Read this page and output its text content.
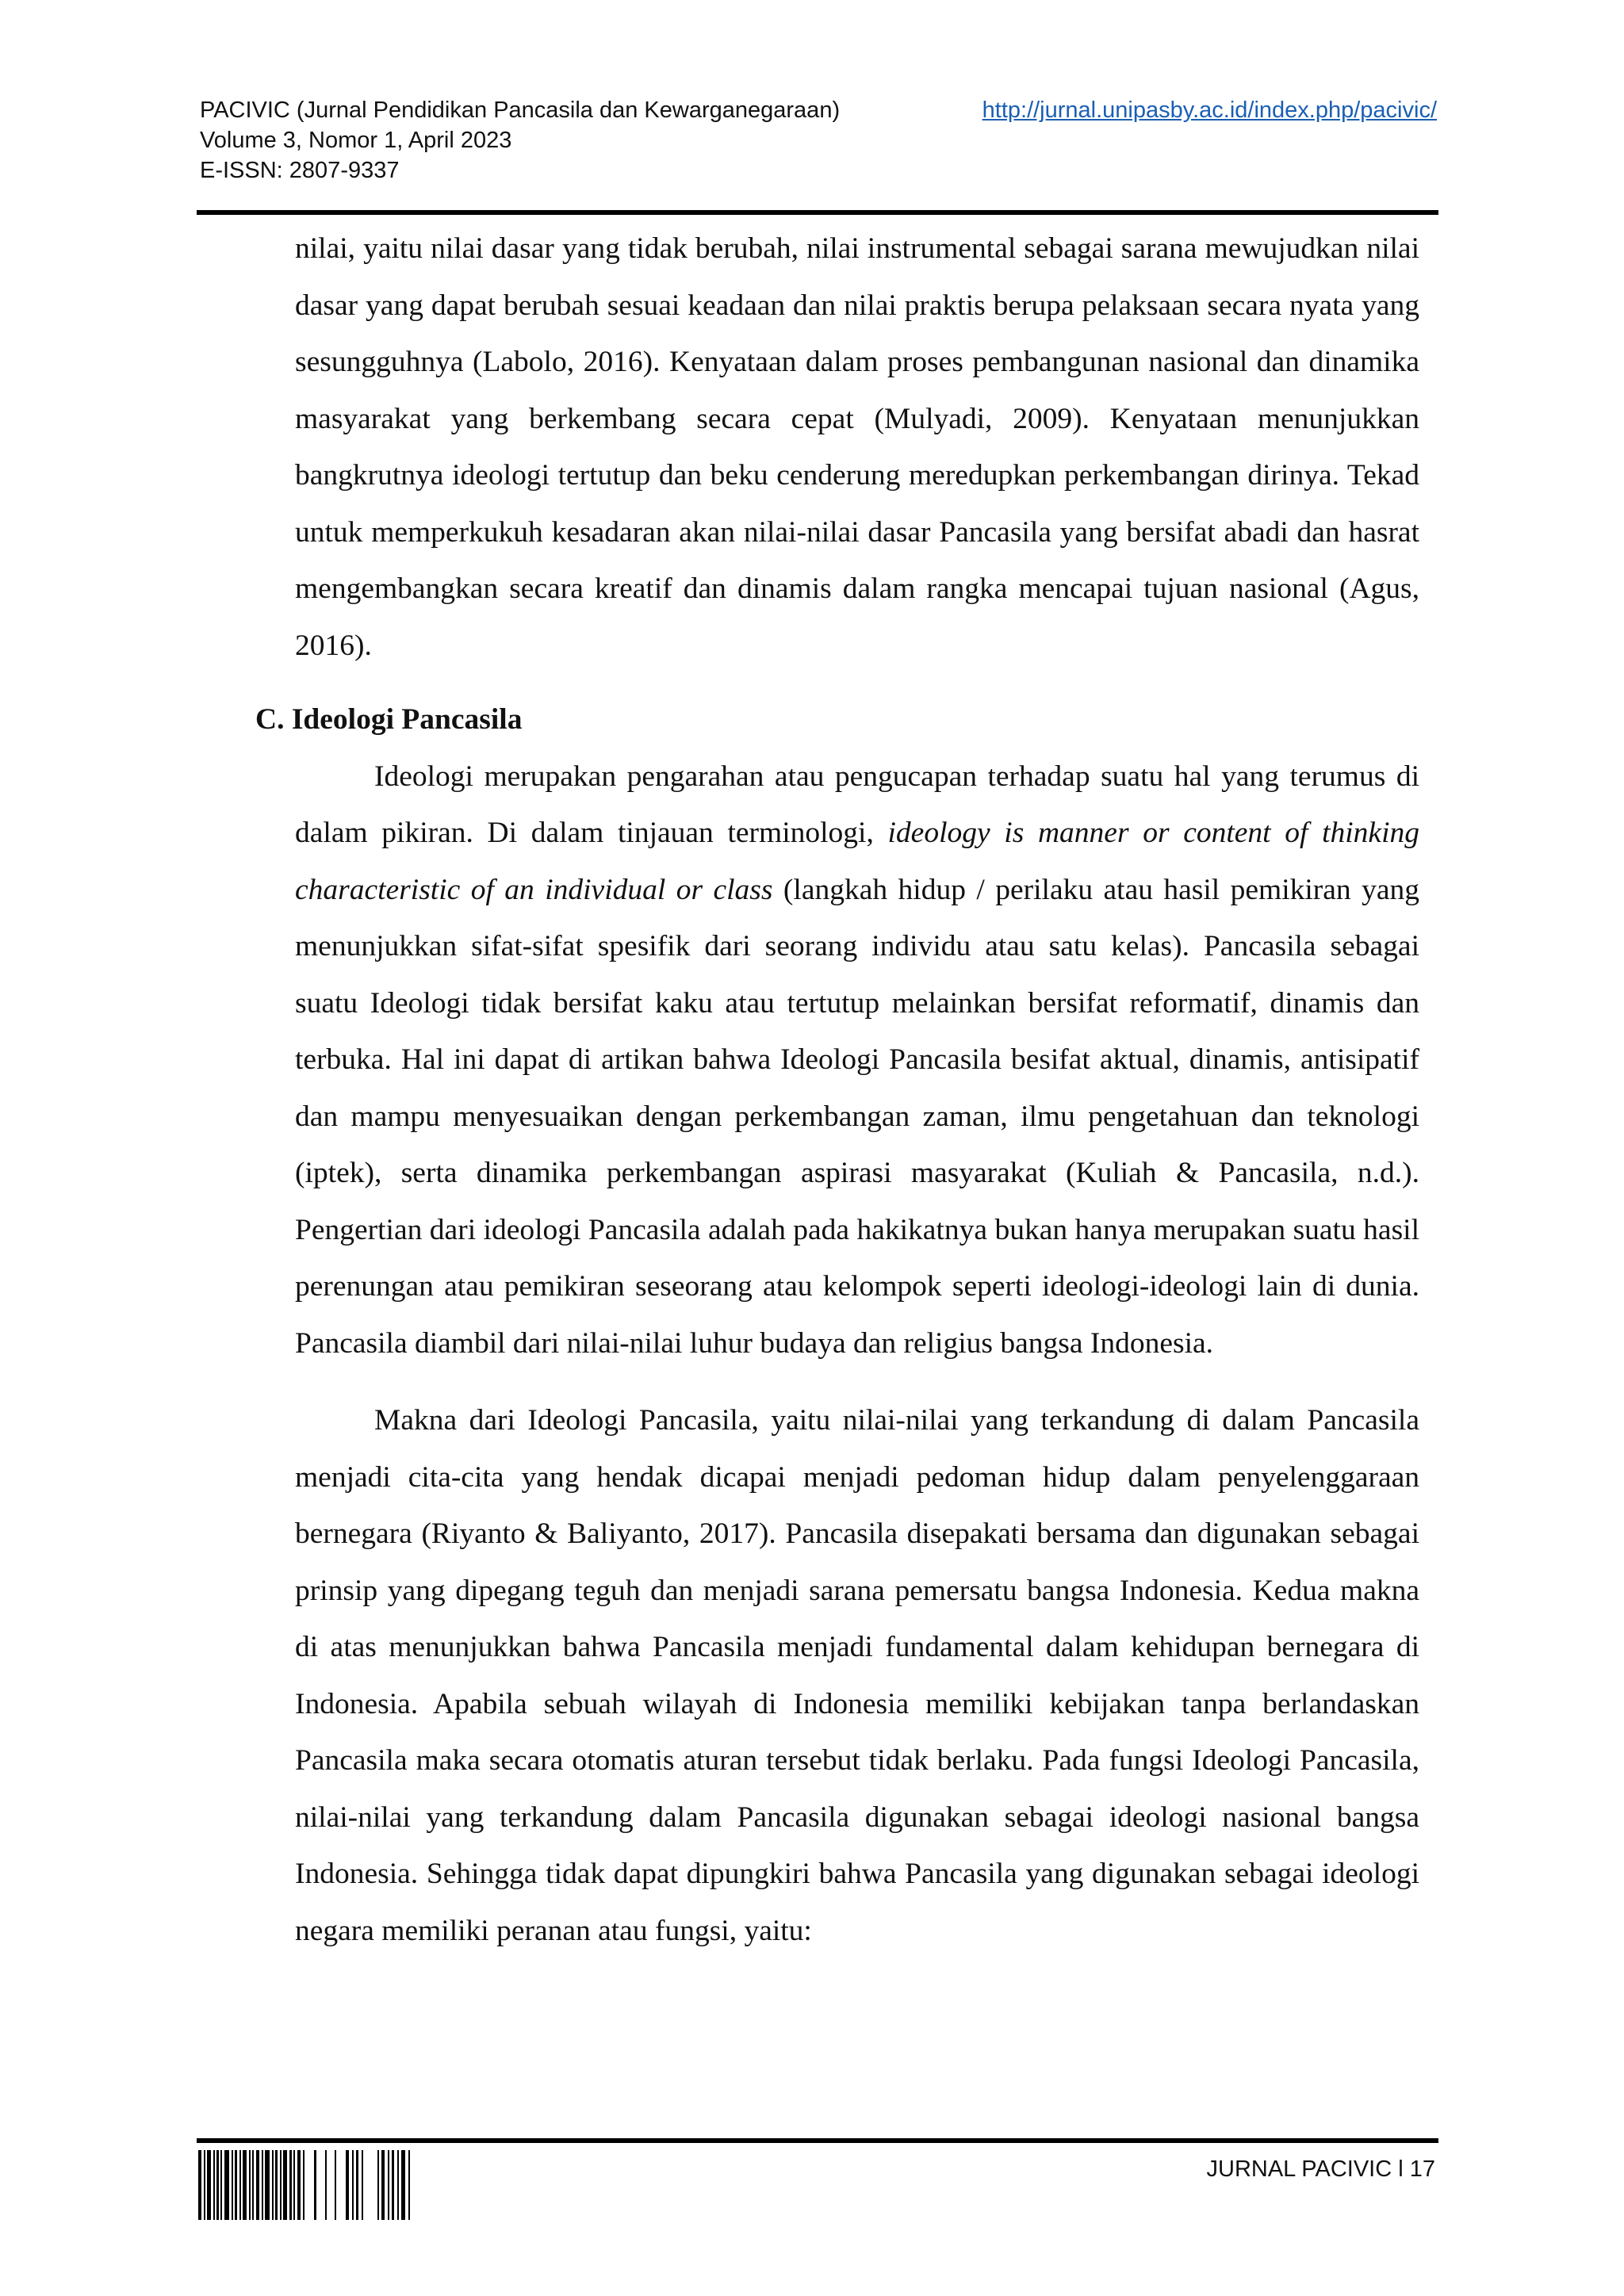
PACIVIC (Jurnal Pendidikan Pancasila dan Kewarganegaraan)	http://jurnal.unipasby.ac.id/index.php/pacivic/
Volume 3, Nomor 1, April 2023
E-ISSN: 2807-9337

nilai, yaitu nilai dasar yang tidak berubah, nilai instrumental sebagai sarana mewujudkan nilai dasar yang dapat berubah sesuai keadaan dan nilai praktis berupa pelaksaan secara nyata yang sesungguhnya (Labolo, 2016). Kenyataan dalam proses pembangunan nasional dan dinamika masyarakat yang berkembang secara cepat (Mulyadi, 2009). Kenyataan menunjukkan bangkrutnya ideologi tertutup dan beku cenderung meredupkan perkembangan dirinya. Tekad untuk memperkukuh kesadaran akan nilai-nilai dasar Pancasila yang bersifat abadi dan hasrat mengembangkan secara kreatif dan dinamis dalam rangka mencapai tujuan nasional (Agus, 2016).

C. Ideologi Pancasila

Ideologi merupakan pengarahan atau pengucapan terhadap suatu hal yang terumus di dalam pikiran. Di dalam tinjauan terminologi, ideology is manner or content of thinking characteristic of an individual or class (langkah hidup / perilaku atau hasil pemikiran yang menunjukkan sifat-sifat spesifik dari seorang individu atau satu kelas). Pancasila sebagai suatu Ideologi tidak bersifat kaku atau tertutup melainkan bersifat reformatif, dinamis dan terbuka. Hal ini dapat di artikan bahwa Ideologi Pancasila besifat aktual, dinamis, antisipatif dan mampu menyesuaikan dengan perkembangan zaman, ilmu pengetahuan dan teknologi (iptek), serta dinamika perkembangan aspirasi masyarakat (Kuliah & Pancasila, n.d.). Pengertian dari ideologi Pancasila adalah pada hakikatnya bukan hanya merupakan suatu hasil perenungan atau pemikiran seseorang atau kelompok seperti ideologi-ideologi lain di dunia. Pancasila diambil dari nilai-nilai luhur budaya dan religius bangsa Indonesia.

Makna dari Ideologi Pancasila, yaitu nilai-nilai yang terkandung di dalam Pancasila menjadi cita-cita yang hendak dicapai menjadi pedoman hidup dalam penyelenggaraan bernegara (Riyanto & Baliyanto, 2017). Pancasila disepakati bersama dan digunakan sebagai prinsip yang dipegang teguh dan menjadi sarana pemersatu bangsa Indonesia. Kedua makna di atas menunjukkan bahwa Pancasila menjadi fundamental dalam kehidupan bernegara di Indonesia. Apabila sebuah wilayah di Indonesia memiliki kebijakan tanpa berlandaskan Pancasila maka secara otomatis aturan tersebut tidak berlaku. Pada fungsi Ideologi Pancasila, nilai-nilai yang terkandung dalam Pancasila digunakan sebagai ideologi nasional bangsa Indonesia. Sehingga tidak dapat dipungkiri bahwa Pancasila yang digunakan sebagai ideologi negara memiliki peranan atau fungsi, yaitu:

JURNAL PACIVIC l 17
